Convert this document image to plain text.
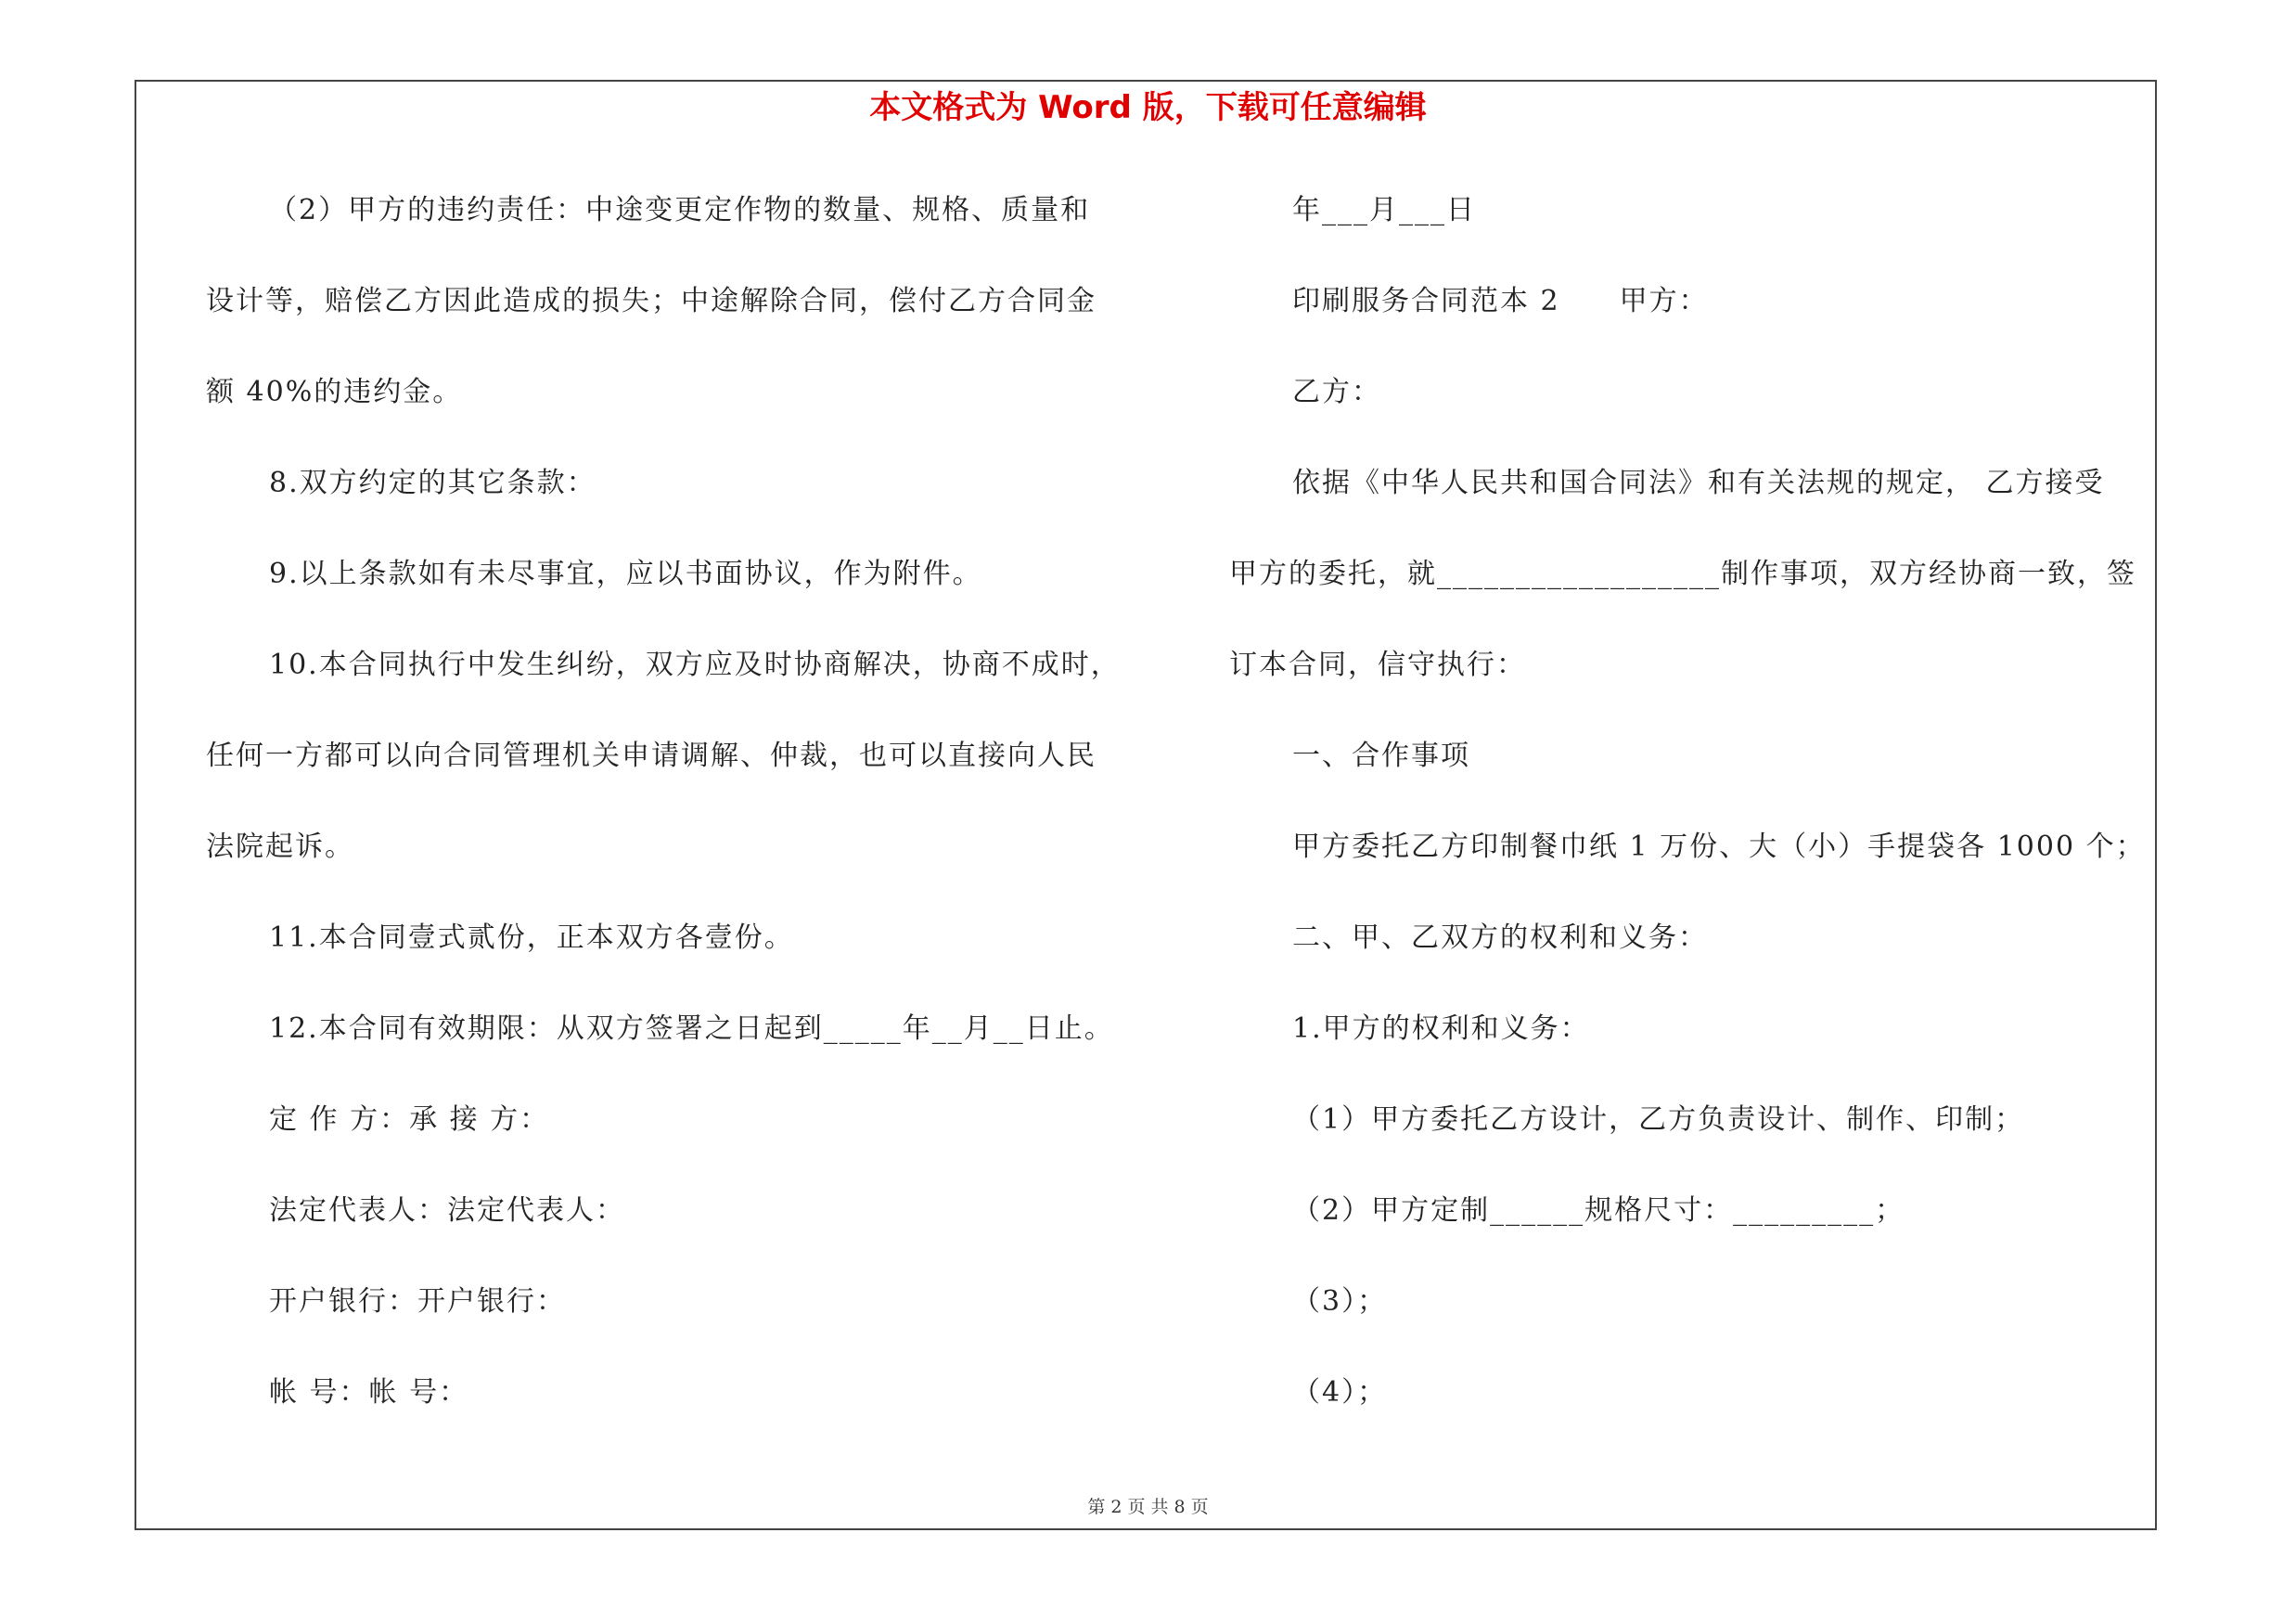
本文格式为 Word 版，下载可任意编辑
（2）甲方的违约责任：中途变更定作物的数量、规格、质量和
设计等，赔偿乙方因此造成的损失；中途解除合同，偿付乙方合同金
额 40%的违约金。
8.双方约定的其它条款：
9.以上条款如有未尽事宜，应以书面协议，作为附件。
10.本合同执行中发生纠纷，双方应及时协商解决，协商不成时，
任何一方都可以向合同管理机关申请调解、仲裁，也可以直接向人民
法院起诉。
11.本合同壹式贰份，正本双方各壹份。
12.本合同有效期限：从双方签署之日起到_____年__月__日止。
定 作 方：承 接 方：
法定代表人：法定代表人：
开户银行：开户银行：
帐 号：帐 号：
年___月___日
印刷服务合同范本 2　　甲方：
乙方：
依据《中华人民共和国合同法》和有关法规的规定， 乙方接受
甲方的委托，就__________________制作事项，双方经协商一致，签
订本合同，信守执行：
一、合作事项
甲方委托乙方印制餐巾纸 1 万份、大（小）手提袋各 1000 个；
二、甲、乙双方的权利和义务：
1.甲方的权利和义务：
（1）甲方委托乙方设计，乙方负责设计、制作、印制；
（2）甲方定制______规格尺寸：_________；
（3）；
（4）；
第 2 页 共 8 页
